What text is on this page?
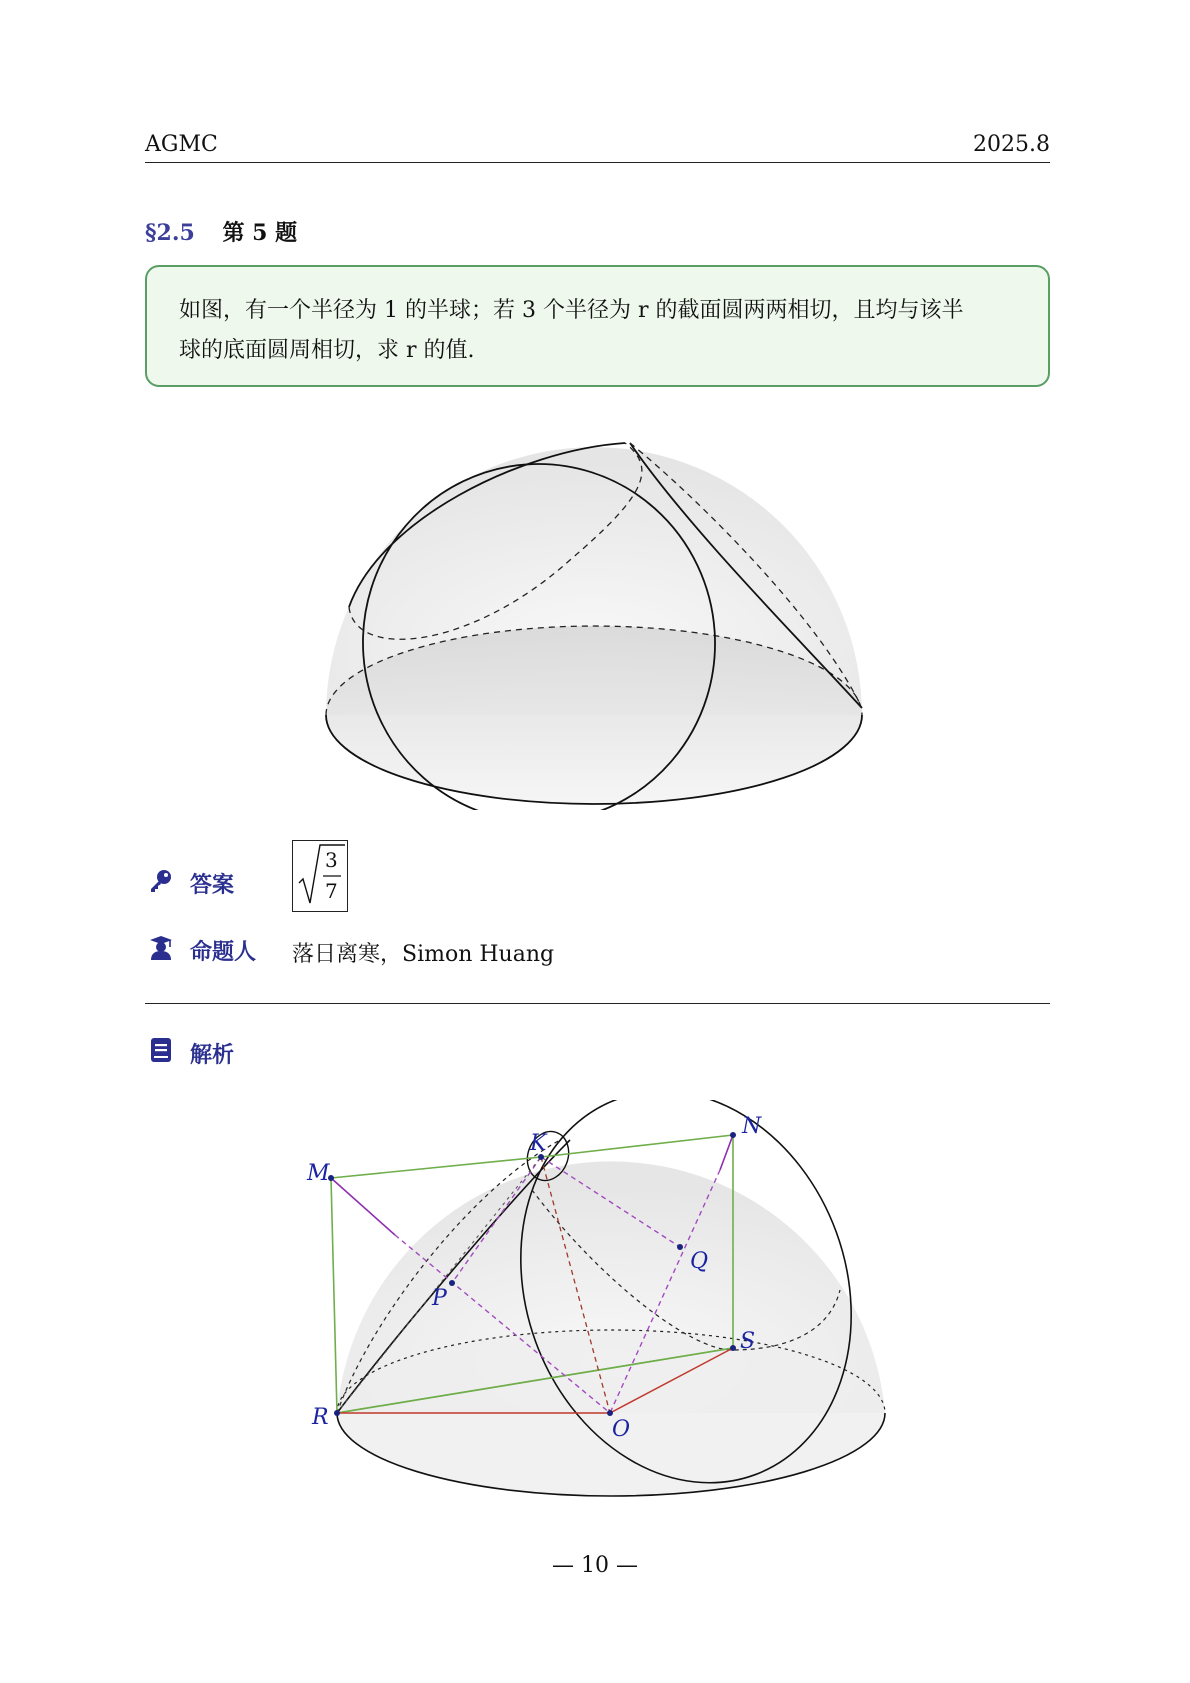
AGMC	2025.8
§2.5 第 5 题
如图，有一个半径为 1 的半球；若 3 个半径为 r 的截面圆两两相切，且均与该半
球的底面圆周相切，求 r 的值.
答案
3
7
命题人 落日离寒，Simon Huang
解析
M
K
N
P
Q
S
R	O
— 10 —
